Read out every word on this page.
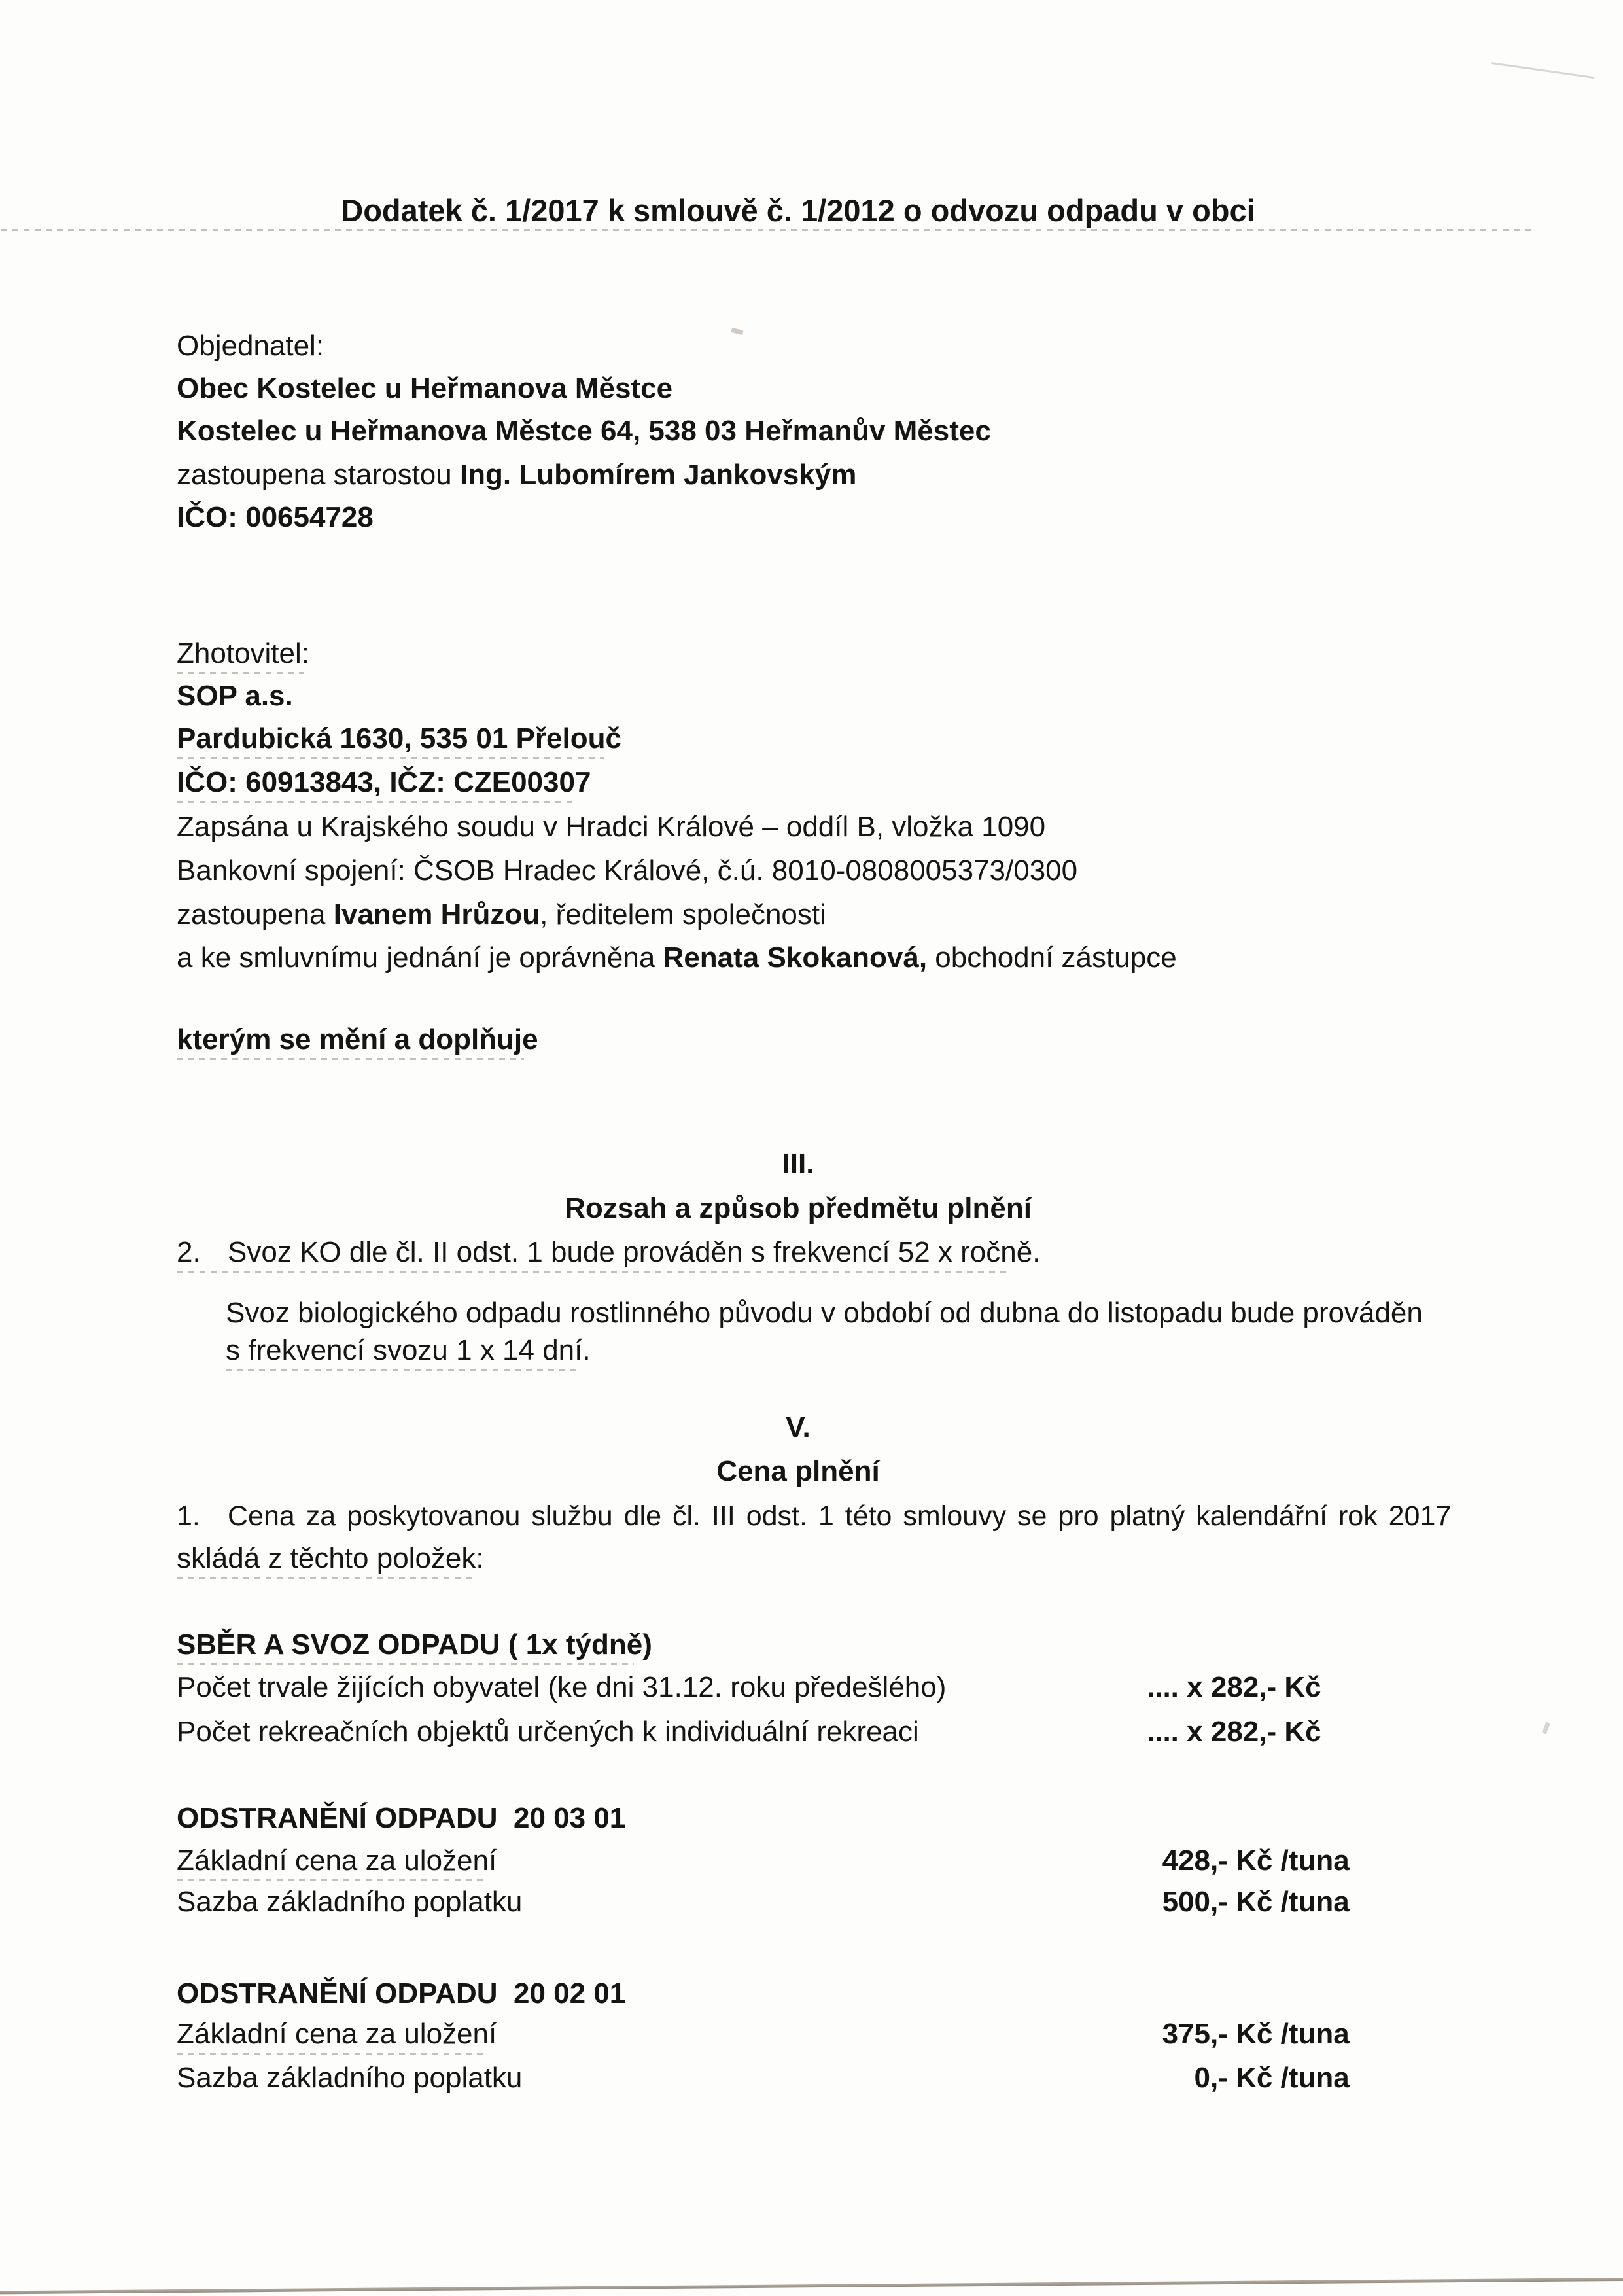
Dodatek č. 1/2017 k smlouvě č. 1/2012 o odvozu odpadu v obci
Objednatel:
Obec Kostelec u Heřmanova Městce
Kostelec u Heřmanova Městce 64, 538 03 Heřmanův Městec
zastoupena starostou Ing. Lubomírem Jankovským
IČO: 00654728
Zhotovitel:
SOP a.s.
Pardubická 1630, 535 01 Přelouč
IČO: 60913843, IČZ: CZE00307
Zapsána u Krajského soudu v Hradci Králové – oddíl B, vložka 1090
Bankovní spojení: ČSOB Hradec Králové, č.ú. 8010-0808005373/0300
zastoupena Ivanem Hrůzou, ředitelem společnosti
a ke smluvnímu jednání je oprávněna Renata Skokanová, obchodní zástupce
kterým se mění a doplňuje
III.
Rozsah a způsob předmětu plnění
2. Svoz KO dle čl. II odst. 1 bude prováděn s frekvencí 52 x ročně.
Svoz biologického odpadu rostlinného původu v období od dubna do listopadu bude prováděn
s frekvencí svozu 1 x 14 dní.
V.
Cena plnění
1. Cena za poskytovanou službu dle čl. III odst. 1 této smlouvy se pro platný kalendářní rok 2017
skládá z těchto položek:
SBĚR A SVOZ ODPADU ( 1x týdně)
Počet trvale žijících obyvatel (ke dni 31.12. roku předešlého)	.... x 282,- Kč
Počet rekreačních objektů určených k individuální rekreaci	.... x 282,- Kč
ODSTRANĚNÍ ODPADU  20 03 01
Základní cena za uložení	428,- Kč /tuna
Sazba základního poplatku	500,- Kč /tuna
ODSTRANĚNÍ ODPADU  20 02 01
Základní cena za uložení	375,- Kč /tuna
Sazba základního poplatku	0,- Kč /tuna
